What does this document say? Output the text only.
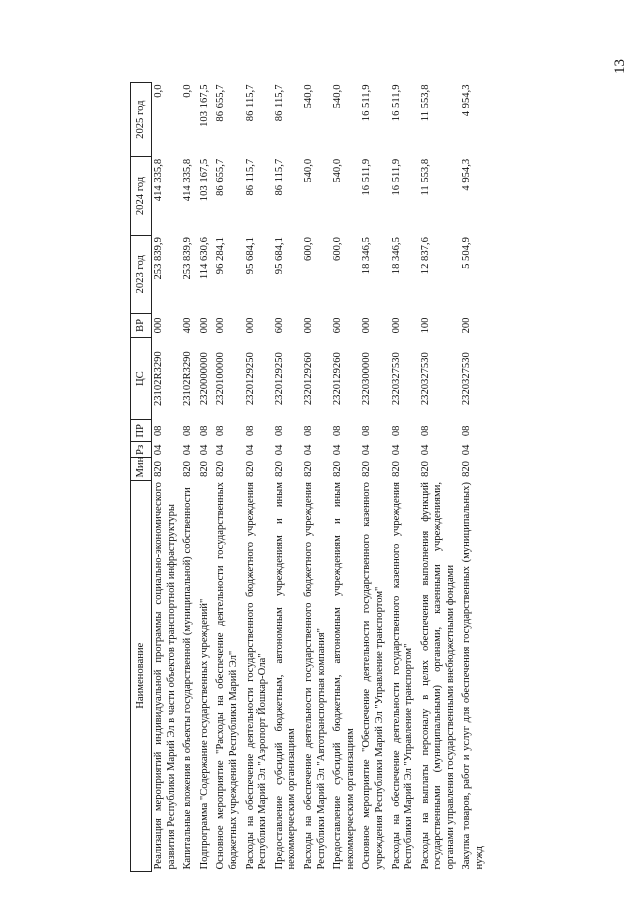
13
Наименование	Мин	Рз	ПР	ЦС	ВР	2023 год	2024 год	2025 год
Реализация мероприятий индивидуальной программы социально-экономического развития Республики Марий Эл в части объектов транспортной инфраструктуры	820	04	08	23102R3290	000	253 839,9	414 335,8	0,0
Капитальные вложения в объекты государственной (муниципальной) собственности	820	04	08	23102R3290	400	253 839,9	414 335,8	0,0
Подпрограмма "Содержание государственных учреждений"	820	04	08	2320000000	000	114 630,6	103 167,5	103 167,5
Основное мероприятие "Расходы на обеспечение деятельности государственных бюджетных учреждений Республики Марий Эл"	820	04	08	2320100000	000	96 284,1	86 655,7	86 655,7
Расходы на обеспечение деятельности государственного бюджетного учреждения Республики Марий Эл "Аэропорт Йошкар-Ола"	820	04	08	2320129250	000	95 684,1	86 115,7	86 115,7
Предоставление субсидий бюджетным, автономным учреждениям и иным некоммерческим организациям	820	04	08	2320129250	600	95 684,1	86 115,7	86 115,7
Расходы на обеспечение деятельности государственного бюджетного учреждения Республики Марий Эл "Автотранспортная компания"	820	04	08	2320129260	000	600,0	540,0	540,0
Предоставление субсидий бюджетным, автономным учреждениям и иным некоммерческим организациям	820	04	08	2320129260	600	600,0	540,0	540,0
Основное мероприятие "Обеспечение деятельности государственного казенного учреждения Республики Марий Эл "Управление транспортом"	820	04	08	2320300000	000	18 346,5	16 511,9	16 511,9
Расходы на обеспечение деятельности государственного казенного учреждения Республики Марий Эл "Управление транспортом"	820	04	08	2320327530	000	18 346,5	16 511,9	16 511,9
Расходы на выплаты персоналу в целях обеспечения выполнения функций государственными (муниципальными) органами, казенными учреждениями, органами управления государственными внебюджетными фондами	820	04	08	2320327530	100	12 837,6	11 553,8	11 553,8
Закупка товаров, работ и услуг для обеспечения государственных (муниципальных) нужд	820	04	08	2320327530	200	5 504,9	4 954,3	4 954,3
